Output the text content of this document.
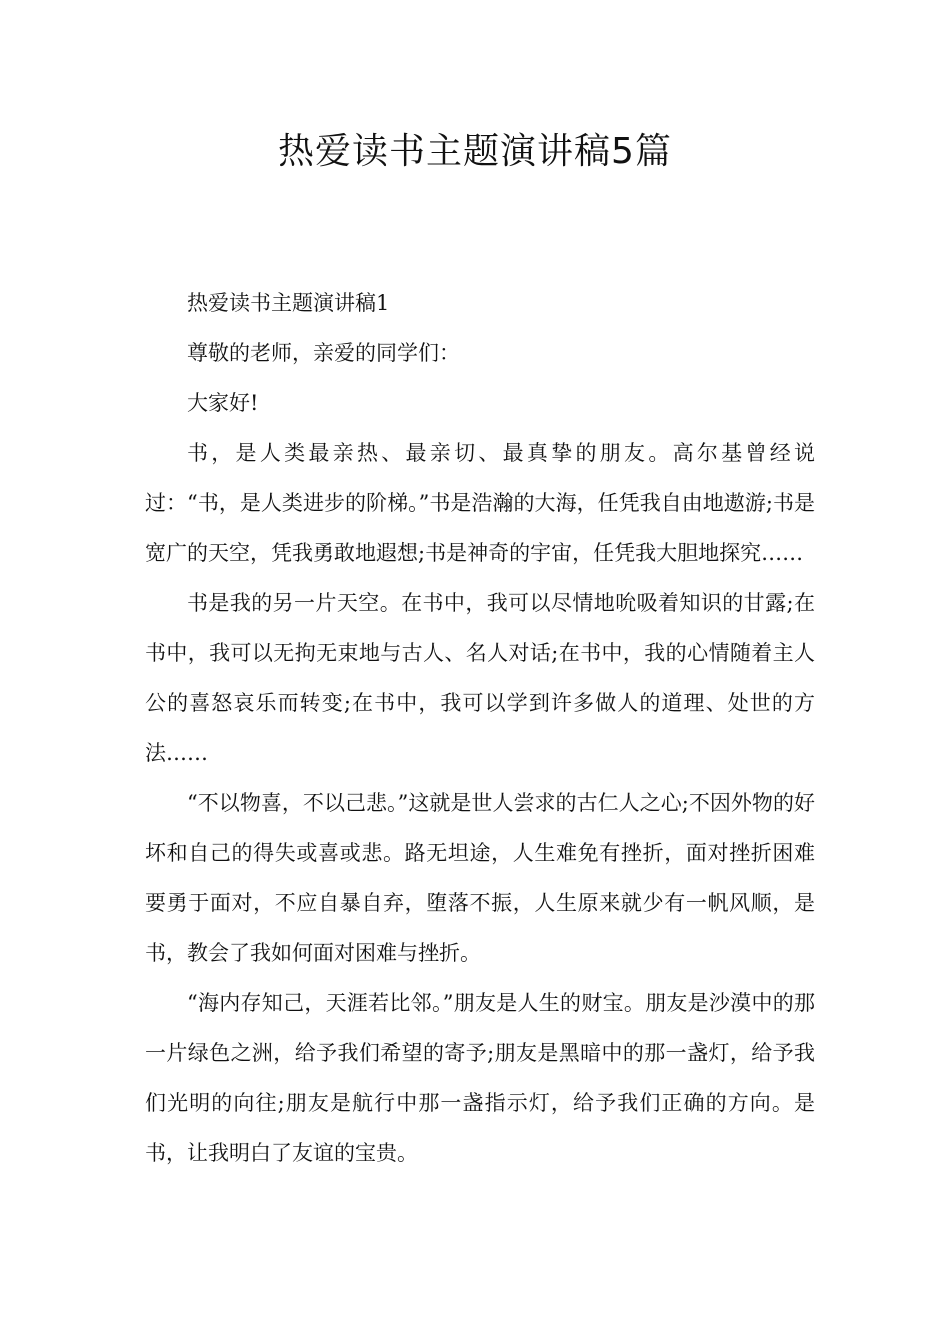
热爱读书主题演讲稿5篇

热爱读书主题演讲稿1

尊敬的老师，亲爱的同学们：

大家好!

书，是人类最亲热、最亲切、最真挚的朋友。高尔基曾经说过：“书，是人类进步的阶梯。”书是浩瀚的大海，任凭我自由地遨游;书是宽广的天空，凭我勇敢地遐想;书是神奇的宇宙，任凭我大胆地探究……

书是我的另一片天空。在书中，我可以尽情地吮吸着知识的甘露;在书中，我可以无拘无束地与古人、名人对话;在书中，我的心情随着主人公的喜怒哀乐而转变;在书中，我可以学到许多做人的道理、处世的方法……

“不以物喜，不以己悲。”这就是世人尝求的古仁人之心;不因外物的好坏和自己的得失或喜或悲。路无坦途，人生难免有挫折，面对挫折困难要勇于面对，不应自暴自弃，堕落不振，人生原来就少有一帆风顺，是书，教会了我如何面对困难与挫折。

“海内存知己，天涯若比邻。”朋友是人生的财宝。朋友是沙漠中的那一片绿色之洲，给予我们希望的寄予;朋友是黑暗中的那一盏灯，给予我们光明的向往;朋友是航行中那一盏指示灯，给予我们正确的方向。是书，让我明白了友谊的宝贵。
